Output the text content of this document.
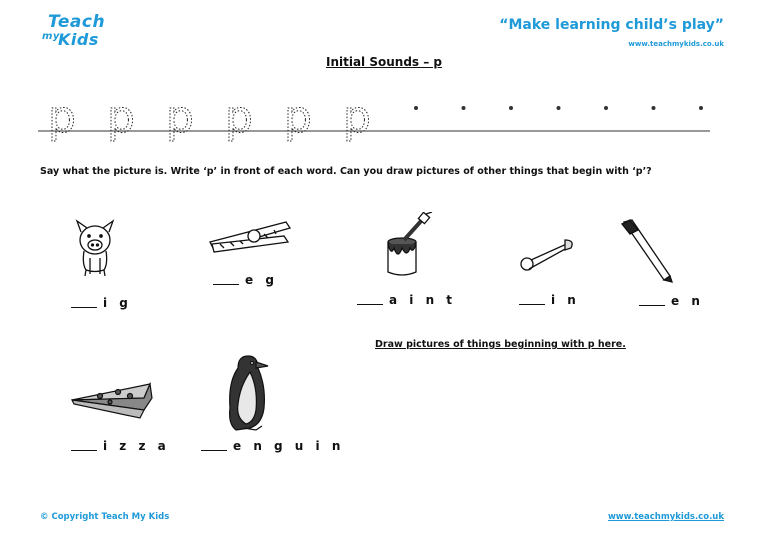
Teach
my
Kids
“Make learning child’s play”
www.teachmykids.co.uk
Initial Sounds – p
p p p p p p
Say what the picture is. Write ‘p’ in front of each word. Can you draw pictures of other things that begin with ‘p’?
i g
e g
a i n t	i n	e n
i z z a	e n g u i n
Draw pictures of things beginning with p here.
© Copyright Teach My Kids	www.teachmykids.co.uk
